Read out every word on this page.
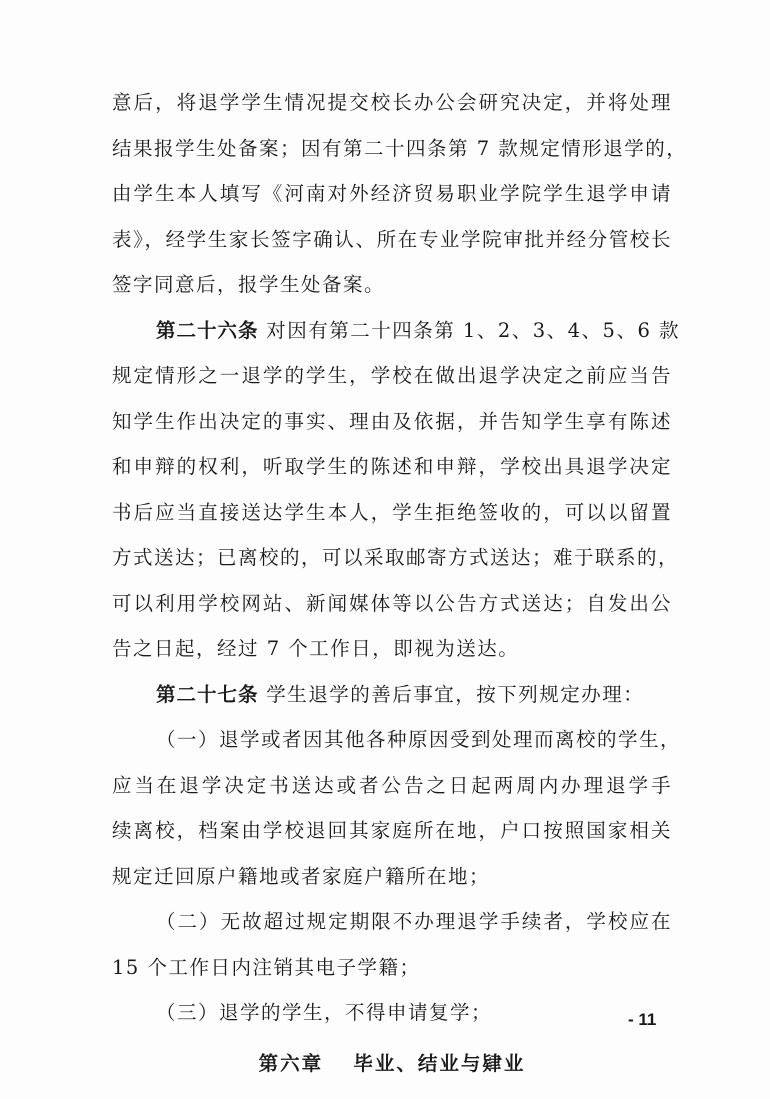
意后，将退学学生情况提交校长办公会研究决定，并将处理
结果报学生处备案；因有第二十四条第 7 款规定情形退学的，
由学生本人填写《河南对外经济贸易职业学院学生退学申请
表》，经学生家长签字确认、所在专业学院审批并经分管校长
签字同意后，报学生处备案。
第二十六条 对因有第二十四条第 1、2、3、4、5、6 款
规定情形之一退学的学生，学校在做出退学决定之前应当告
知学生作出决定的事实、理由及依据，并告知学生享有陈述
和申辩的权利，听取学生的陈述和申辩，学校出具退学决定
书后应当直接送达学生本人，学生拒绝签收的，可以以留置
方式送达；已离校的，可以采取邮寄方式送达；难于联系的，
可以利用学校网站、新闻媒体等以公告方式送达；自发出公
告之日起，经过 7 个工作日，即视为送达。
第二十七条 学生退学的善后事宜，按下列规定办理：
（一）退学或者因其他各种原因受到处理而离校的学生，
应当在退学决定书送达或者公告之日起两周内办理退学手
续离校，档案由学校退回其家庭所在地，户口按照国家相关
规定迁回原户籍地或者家庭户籍所在地；
（二）无故超过规定期限不办理退学手续者，学校应在
15 个工作日内注销其电子学籍；
（三）退学的学生，不得申请复学；
第六章　 毕业、结业与肄业
- 11
